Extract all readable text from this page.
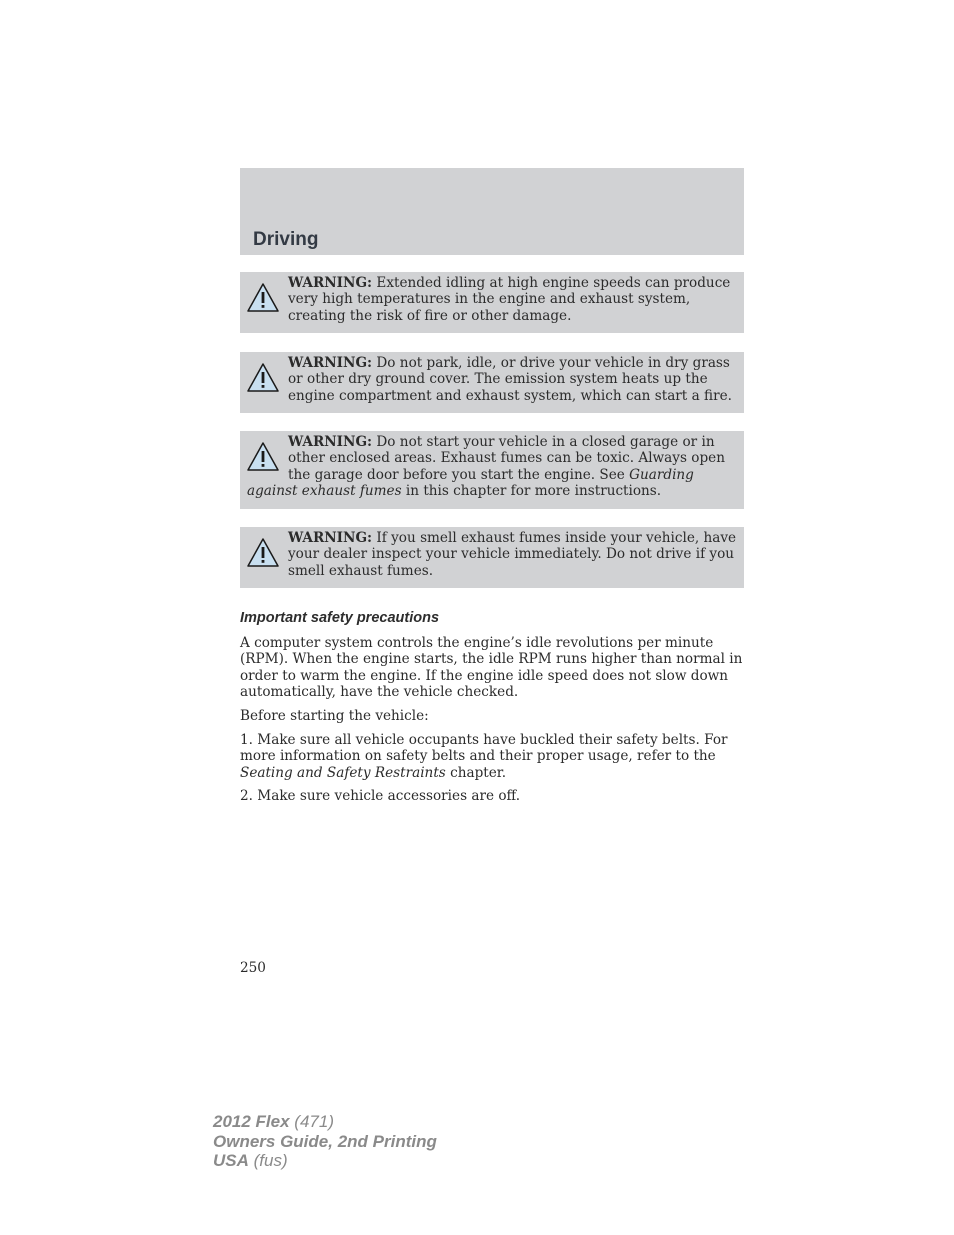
Driving
WARNING: Extended idling at high engine speeds can produce very high temperatures in the engine and exhaust system, creating the risk of fire or other damage.
WARNING: Do not park, idle, or drive your vehicle in dry grass or other dry ground cover. The emission system heats up the engine compartment and exhaust system, which can start a fire.
WARNING: Do not start your vehicle in a closed garage or in other enclosed areas. Exhaust fumes can be toxic. Always open the garage door before you start the engine. See Guarding against exhaust fumes in this chapter for more instructions.
WARNING: If you smell exhaust fumes inside your vehicle, have your dealer inspect your vehicle immediately. Do not drive if you smell exhaust fumes.
Important safety precautions
A computer system controls the engine’s idle revolutions per minute (RPM). When the engine starts, the idle RPM runs higher than normal in order to warm the engine. If the engine idle speed does not slow down automatically, have the vehicle checked.
Before starting the vehicle:
1. Make sure all vehicle occupants have buckled their safety belts. For more information on safety belts and their proper usage, refer to the Seating and Safety Restraints chapter.
2. Make sure vehicle accessories are off.
250
2012 Flex (471)
Owners Guide, 2nd Printing
USA (fus)
